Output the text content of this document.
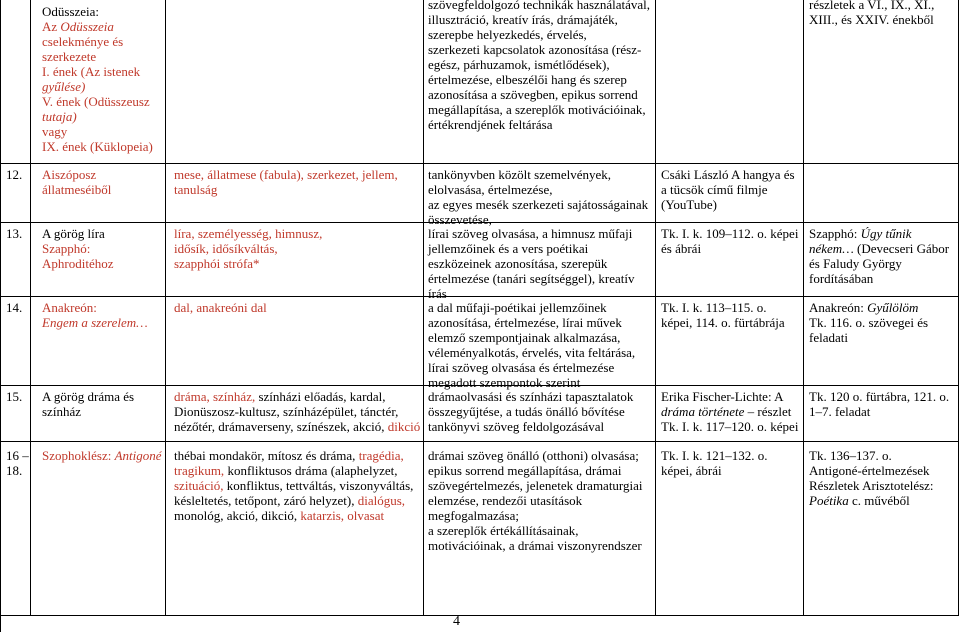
Odüsszeia:
Az Odüsszeia
cselekménye és
szerkezete
I. ének (Az istenek
gyűlése)
V. ének (Odüsszeusz
tutaja)
vagy
IX. ének (Küklopeia)
szövegfeldolgozó technikák használatával,
illusztráció, kreatív írás, drámajáték,
szerepbe helyezkedés, érvelés,
szerkezeti kapcsolatok azonosítása (rész-
egész, párhuzamok, ismétlődések),
értelmezése, elbeszélői hang és szerep
azonosítása a szövegben, epikus sorrend
megállapítása, a szereplők motivációinak,
értékrendjének feltárása
részletek a VI., IX., XI.,
XIII., és XXIV. énekből
12. Aiszóposz
állatmeséiből
mese, állatmese (fabula), szerkezet, jellem,
tanulság
tankönyvben közölt szemelvények,
elolvasása, értelmezése,
az egyes mesék szerkezeti sajátosságainak
összevetése,
Csáki László A hangya és
a tücsök című filmje
(YouTube)
13. A görög líra
Szapphó:
Aphroditéhoz
líra, személyesség, himnusz,
idősík, idősíkváltás,
szapphói strófa*
lírai szöveg olvasása, a himnusz műfaji
jellemzőinek és a vers poétikai
eszközeinek azonosítása, szerepük
értelmezése (tanári segítséggel), kreatív
írás
Tk. I. k. 109–112. o. képei
és ábrái
Szapphó: Úgy tűnik
nékem… (Devecseri Gábor
és Faludy György
fordításában
14. Anakreón:
Engem a szerelem…
dal, anakreóni dal	a dal műfaji-poétikai jellemzőinek
azonosítása, értelmezése, lírai művek
elemző szempontjainak alkalmazása,
véleményalkotás, érvelés, vita feltárása,
lírai szöveg olvasása és értelmezése
megadott szempontok szerint
Tk. I. k. 113–115. o.
képei, 114. o. fürtábrája
Anakreón: Gyűlölöm
Tk. 116. o. szövegei és
feladati
15. A görög dráma és
színház
dráma, színház, színházi előadás, kardal,
Dionüszosz-kultusz, színházépület, tánctér,
nézőtér, drámaverseny, színészek, akció, dikció
drámaolvasási és színházi tapasztalatok
összegyűjtése, a tudás önálló bővítése
tankönyvi szöveg feldolgozásával
Erika Fischer-Lichte: A
dráma története – részlet
Tk. I. k. 117–120. o. képei
Tk. 120 o. fürtábra, 121. o.
1–7. feladat
16 –
18.
Szophoklész: Antigoné thébai mondakör, mítosz és dráma, tragédia,
tragikum, konfliktusos dráma (alaphelyzet,
szituáció, konfliktus, tettváltás, viszonyváltás,
késleltetés, tetőpont, záró helyzet), dialógus,
monológ, akció, dikció, katarzis, olvasat
drámai szöveg önálló (otthoni) olvasása;
epikus sorrend megállapítása, drámai
szövegértelmezés, jelenetek dramaturgiai
elemzése, rendezői utasítások
megfogalmazása;
a szereplők értékállításainak,
motivációinak, a drámai viszonyrendszer
Tk. I. k. 121–132. o.
képei, ábrái
Tk. 136–137. o.
Antigoné-értelmezések
Részletek Arisztotelész:
Poétika c. művéből
4
